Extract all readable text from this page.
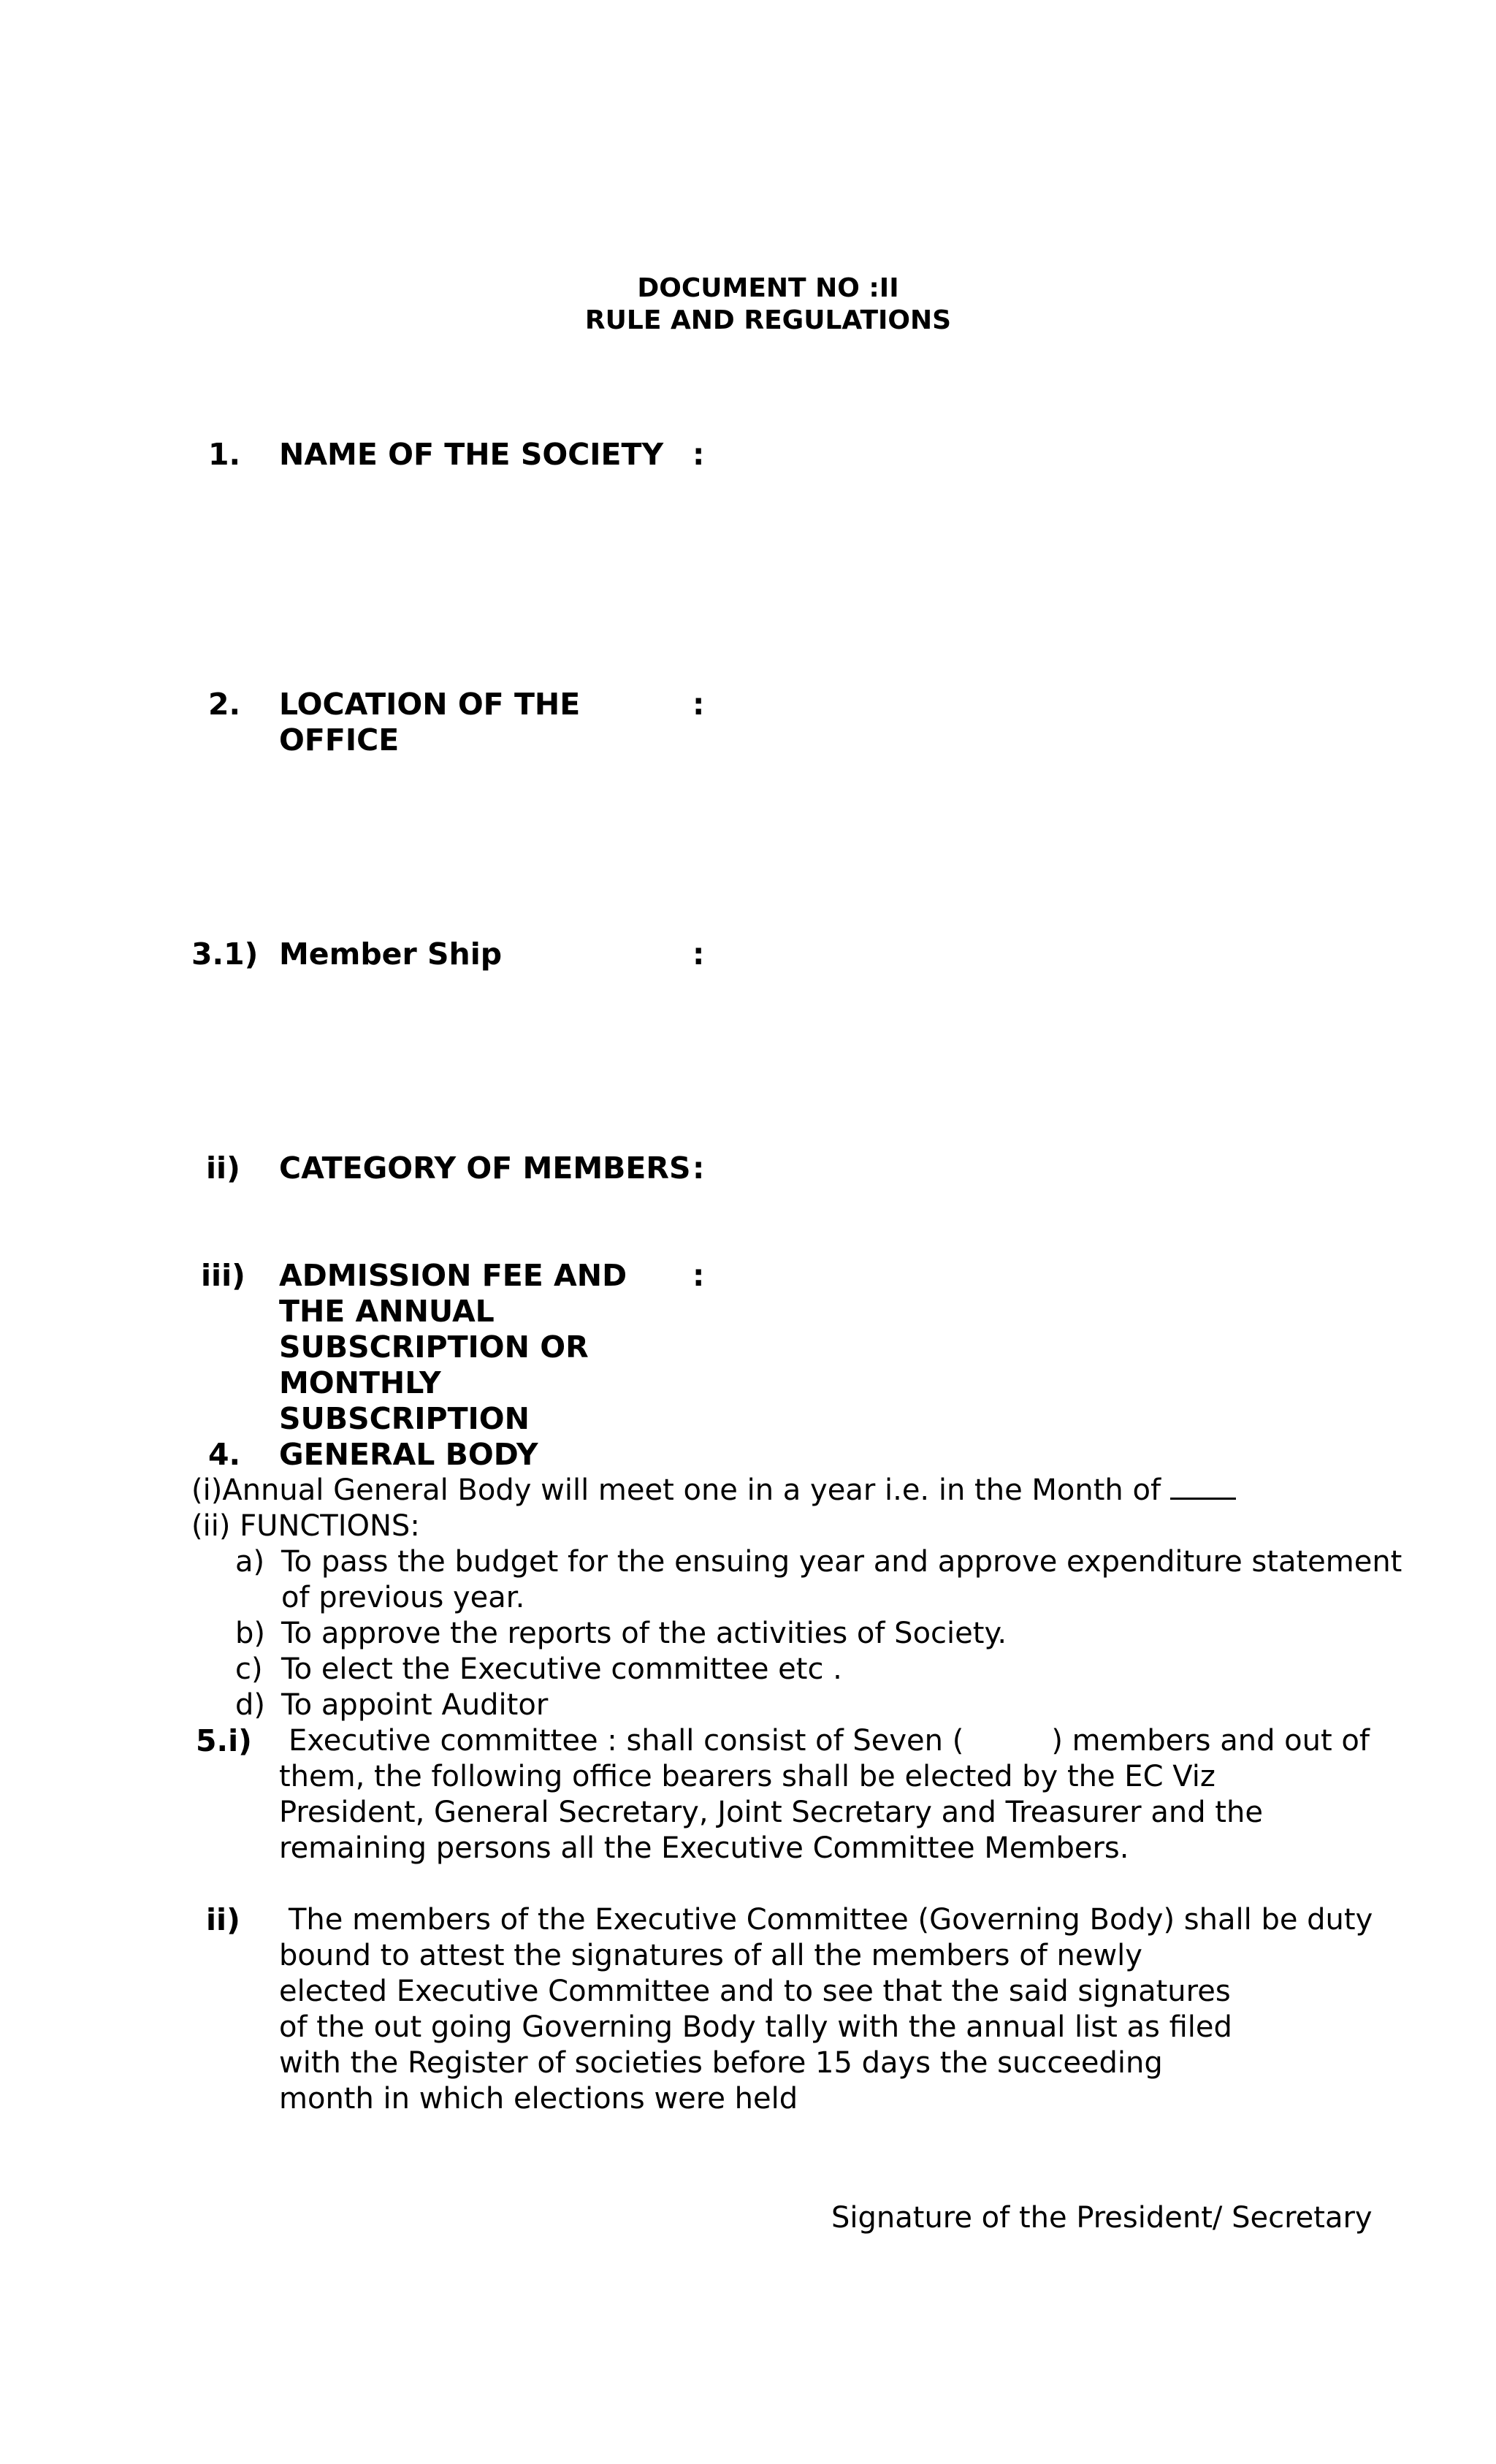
DOCUMENT NO :II
RULE AND REGULATIONS
1. NAME OF THE SOCIETY :
2. LOCATION OF THE
OFFICE
:
3.1) Member Ship	:
ii) CATEGORY OF MEMBERS :
iii) ADMISSION FEE AND
THE ANNUAL
SUBSCRIPTION OR
MONTHLY
SUBSCRIPTION
:
4. GENERAL BODY
(i)Annual General Body will meet one in a year i.e. in the Month of
(ii) FUNCTIONS:
a) To pass the budget for the ensuing year and approve expenditure statement
of previous year.
b) To approve the reports of the activities of Society.
c) To elect the Executive committee etc .
d) To appoint Auditor
5.i) Executive committee : shall consist of Seven (	) members and out of
them, the following office bearers shall be elected by the EC Viz President, General Secretary, Joint Secretary and Treasurer and the remaining persons all the Executive Committee Members.
ii) The members of the Executive Committee (Governing Body) shall be duty
bound to attest the signatures of all the members of newly elected Executive Committee and to see that the said signatures of the out going Governing Body tally with the annual list as filed with the Register of societies before 15 days the succeeding month in which elections were held
Signature of the President/ Secretary
